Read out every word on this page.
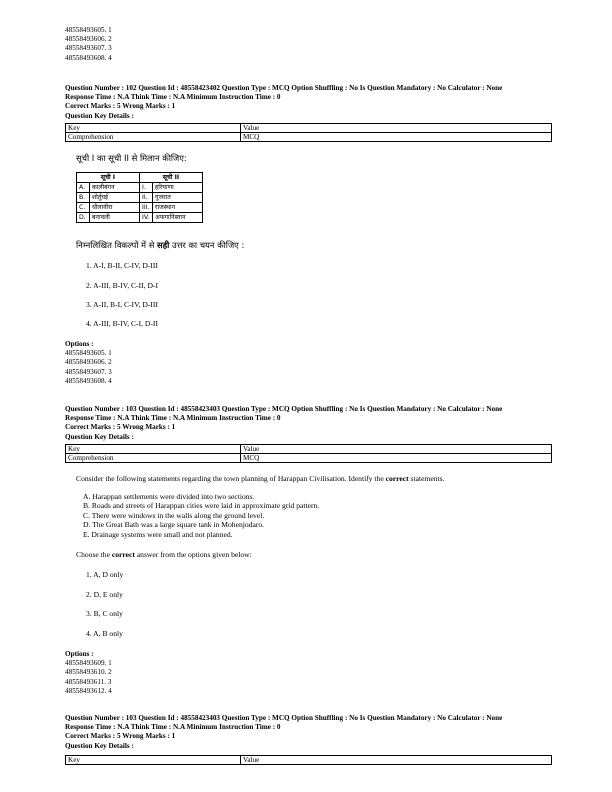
48558493605. 1
48558493606. 2
48558493607. 3
48558493608. 4
Question Number : 102 Question Id : 48558423402 Question Type : MCQ Option Shuffling : No Is Question Mandatory : No Calculator : None
Response Time : N.A Think Time : N.A Minimum Instruction Time : 0
Correct Marks : 5 Wrong Marks : 1
Question Key Details :
Key	Value
Comprehension	MCQ
सूची I का सूची II से मिलान कीजिए:
सूची I		सूची II	
A.	कालीबंगन	I.	हरियाणा
B.	शोर्तुघई	II.	गुजरात
C.	धौलावीरा	III.	राजस्थान
D.	बनावली	IV.	अफगानिस्तान
निम्नलिखित विकल्पों में से सही उत्तर का चयन कीजिए :
1. A-I, B-II, C-IV, D-III
2. A-III, B-IV, C-II, D-I
3. A-II, B-I, C-IV, D-III
4. A-III, B-IV, C-I, D-II
Options :
48558493605. 1
48558493606. 2
48558493607. 3
48558493608. 4
Question Number : 103 Question Id : 48558423403 Question Type : MCQ Option Shuffling : No Is Question Mandatory : No Calculator : None
Response Time : N.A Think Time : N.A Minimum Instruction Time : 0
Correct Marks : 5 Wrong Marks : 1
Question Key Details :
Key	Value
Comprehension	MCQ
Consider the following statements regarding the town planning of Harappan Civilisation. Identify the correct statements.
A. Harappan settlements were divided into two sections.
B. Roads and streets of Harappan cities were laid in approximate grid pattern.
C. There were windows in the walls along the ground level.
D. The Great Bath was a large square tank in Mohenjodaro.
E. Drainage systems were small and not planned.
Choose the correct answer from the options given below:
1. A, D only
2. D, E only
3. B, C only
4. A, B only
Options :
48558493609. 1
48558493610. 2
48558493611. 3
48558493612. 4
Question Number : 103 Question Id : 48558423403 Question Type : MCQ Option Shuffling : No Is Question Mandatory : No Calculator : None
Response Time : N.A Think Time : N.A Minimum Instruction Time : 0
Correct Marks : 5 Wrong Marks : 1
Question Key Details :
Key	Value
